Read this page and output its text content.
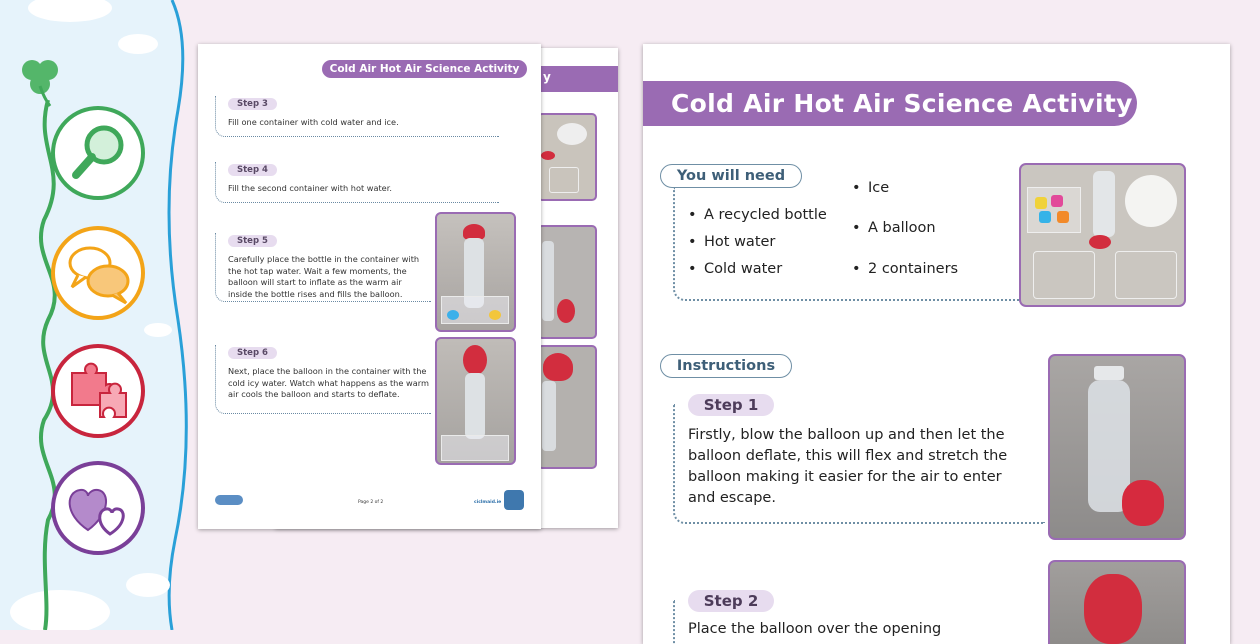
y
Cold Air Hot Air Science Activity
Step 3
Fill one container with cold water and ice.
Step 4
Fill the second container with hot water.
Step 5
Carefully place the bottle in the container with the hot tap water. Wait a few moments, the balloon will start to inflate as the warm air inside the bottle rises and fills the balloon.
Step 6
Next, place the balloon in the container with the cold icy water. Watch what happens as the warm air cools the balloon and starts to deflate.

Page 2 of 2	ciclmaid.ie
Cold Air Hot Air Science Activity
You will need
• A recycled bottle
• Hot water
• Cold water
• Ice
• A balloon
• 2 containers
Instructions
Step 1
Firstly, blow the balloon up and then let the balloon deflate, this will flex and stretch the balloon making it easier for the air to enter and escape.
Step 2
Place the balloon over the opening
